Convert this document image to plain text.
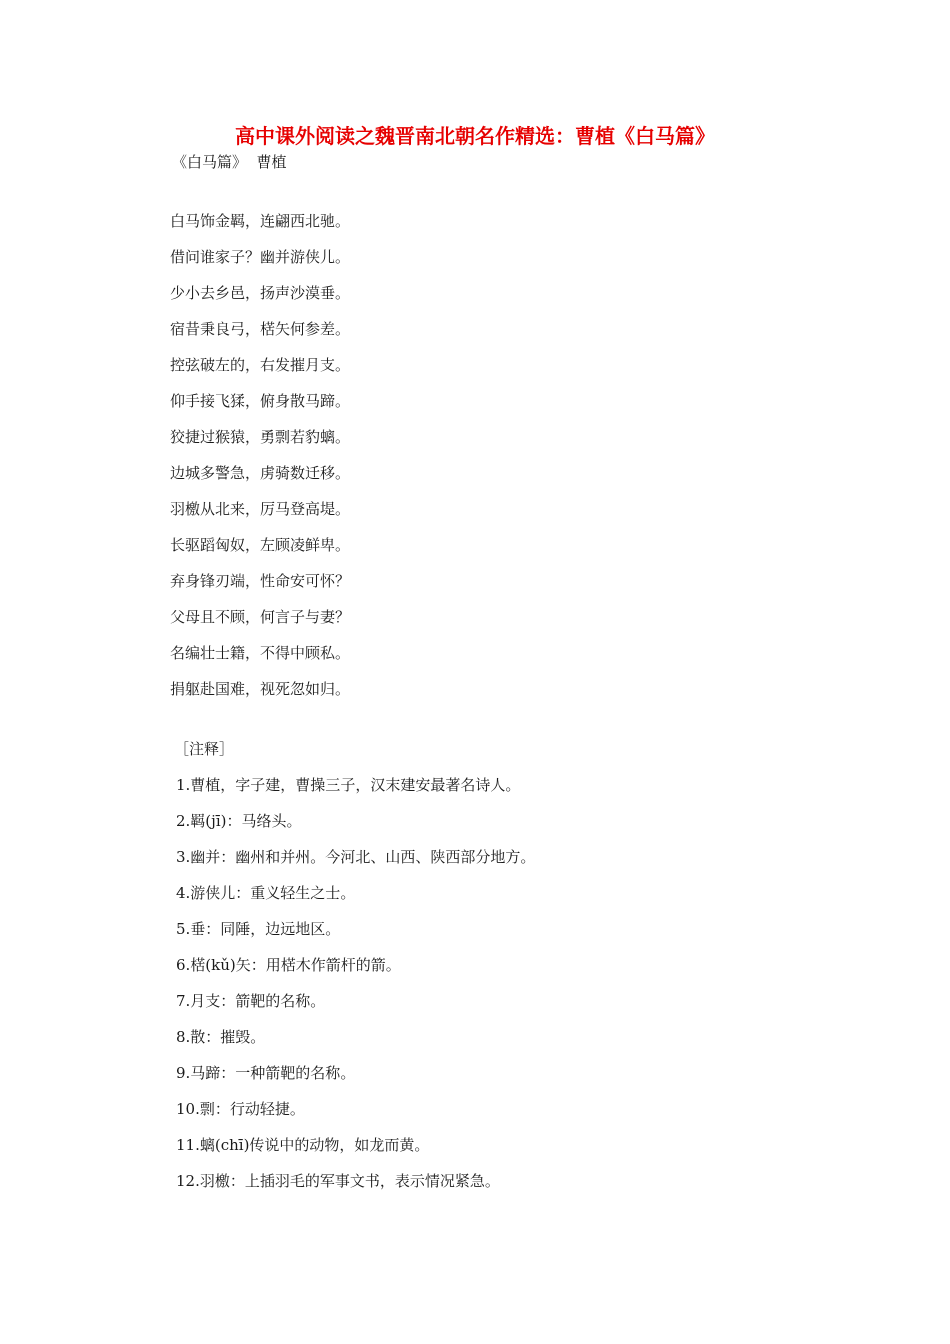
高中课外阅读之魏晋南北朝名作精选：曹植《白马篇》
《白马篇》  曹植
白马饰金羁，连翩西北驰。
借问谁家子？幽并游侠儿。
少小去乡邑，扬声沙漠垂。
宿昔秉良弓，楛矢何参差。
控弦破左的，右发摧月支。
仰手接飞猱，俯身散马蹄。
狡捷过猴猿，勇剽若豹螭。
边城多警急，虏骑数迁移。
羽檄从北来，厉马登高堤。
长驱蹈匈奴，左顾凌鲜卑。
弃身锋刃端，性命安可怀？
父母且不顾，何言子与妻？
名编壮士籍，不得中顾私。
捐躯赴国难，视死忽如归。
［注释］
1.曹植，字子建，曹操三子，汉末建安最著名诗人。
2.羁(jī)：马络头。
3.幽并：幽州和并州。今河北、山西、陕西部分地方。
4.游侠儿：重义轻生之士。
5.垂：同陲，边远地区。
6.楛(kǔ)矢：用楛木作箭杆的箭。
7.月支：箭靶的名称。
8.散：摧毁。
9.马蹄：一种箭靶的名称。
10.剽：行动轻捷。
11.螭(chī)传说中的动物，如龙而黄。
12.羽檄：上插羽毛的军事文书，表示情况紧急。
